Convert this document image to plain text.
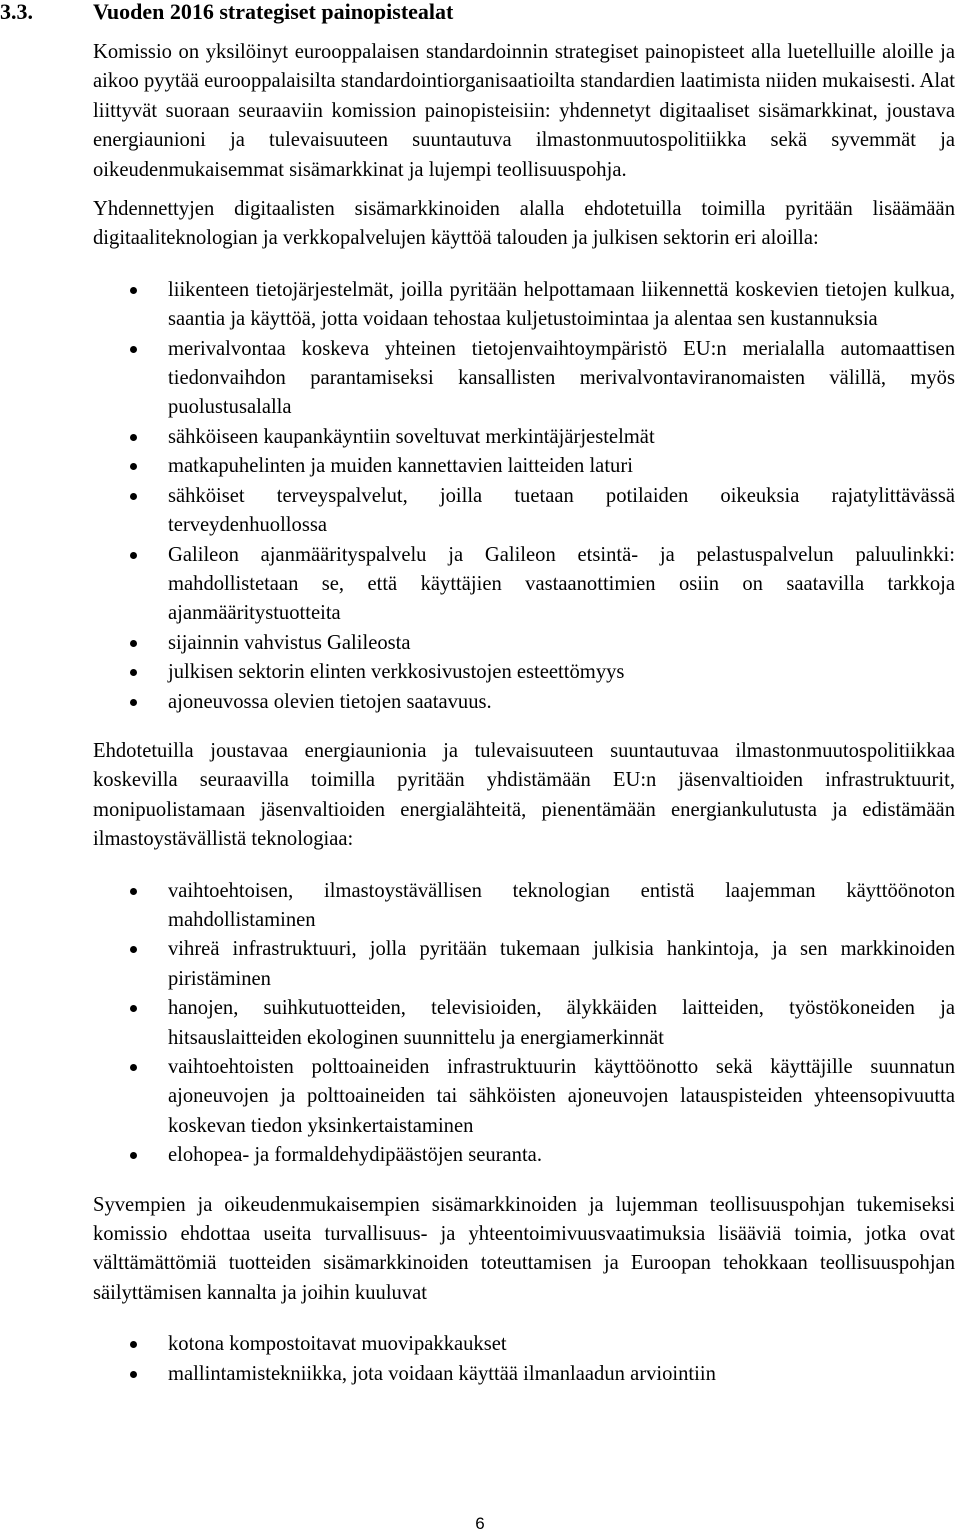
3.3.	Vuoden 2016 strategiset painopistealat

Komissio on yksilöinyt eurooppalaisen standardoinnin strategiset painopisteet alla luetelluille aloille ja aikoo pyytää eurooppalaisilta standardointiorganisaatioilta standardien laatimista niiden mukaisesti. Alat liittyvät suoraan seuraaviin komission painopisteisiin: yhdennetyt digitaaliset sisämarkkinat, joustava energiaunioni ja tulevaisuuteen suuntautuva ilmastonmuutospolitiikka sekä syvemmät ja oikeudenmukaisemmat sisämarkkinat ja lujempi teollisuuspohja.

Yhdennettyjen digitaalisten sisämarkkinoiden alalla ehdotetuilla toimilla pyritään lisäämään digitaaliteknologian ja verkkopalvelujen käyttöä talouden ja julkisen sektorin eri aloilla:

liikenteen tietojärjestelmät, joilla pyritään helpottamaan liikennettä koskevien tietojen kulkua, saantia ja käyttöä, jotta voidaan tehostaa kuljetustoimintaa ja alentaa sen kustannuksia
merivalvontaa koskeva yhteinen tietojenvaihtoympäristö EU:n merialalla automaattisen tiedonvaihdon parantamiseksi kansallisten merivalvontaviranomaisten välillä, myös puolustusalalla
sähköiseen kaupankäyntiin soveltuvat merkintäjärjestelmät
matkapuhelinten ja muiden kannettavien laitteiden laturi
sähköiset terveyspalvelut, joilla tuetaan potilaiden oikeuksia rajatylittävässä terveydenhuollossa
Galileon ajanmäärityspalvelu ja Galileon etsintä- ja pelastuspalvelun paluulinkki: mahdollistetaan se, että käyttäjien vastaanottimien osiin on saatavilla tarkkoja ajanmääritystuotteita
sijainnin vahvistus Galileosta
julkisen sektorin elinten verkkosivustojen esteettömyys
ajoneuvossa olevien tietojen saatavuus.

Ehdotetuilla joustavaa energiaunionia ja tulevaisuuteen suuntautuvaa ilmastonmuutospolitiikkaa koskevilla seuraavilla toimilla pyritään yhdistämään EU:n jäsenvaltioiden infrastruktuurit, monipuolistamaan jäsenvaltioiden energialähteitä, pienentämään energiankulutusta ja edistämään ilmastoystävällistä teknologiaa:

vaihtoehtoisen, ilmastoystävällisen teknologian entistä laajemman käyttöönoton mahdollistaminen
vihreä infrastruktuuri, jolla pyritään tukemaan julkisia hankintoja, ja sen markkinoiden piristäminen
hanojen, suihkutuotteiden, televisioiden, älykkäiden laitteiden, työstökoneiden ja hitsauslaitteiden ekologinen suunnittelu ja energiamerkinnät
vaihtoehtoisten polttoaineiden infrastruktuurin käyttöönotto sekä käyttäjille suunnatun ajoneuvojen ja polttoaineiden tai sähköisten ajoneuvojen latauspisteiden yhteensopivuutta koskevan tiedon yksinkertaistaminen
elohopea- ja formaldehydipäästöjen seuranta.

Syvempien ja oikeudenmukaisempien sisämarkkinoiden ja lujemman teollisuuspohjan tukemiseksi komissio ehdottaa useita turvallisuus- ja yhteentoimivuusvaatimuksia lisääviä toimia, jotka ovat välttämättömiä tuotteiden sisämarkkinoiden toteuttamisen ja Euroopan tehokkaan teollisuuspohjan säilyttämisen kannalta ja joihin kuuluvat

kotona kompostoitavat muovipakkaukset
mallintamistekniikka, jota voidaan käyttää ilmanlaadun arviointiin
6
